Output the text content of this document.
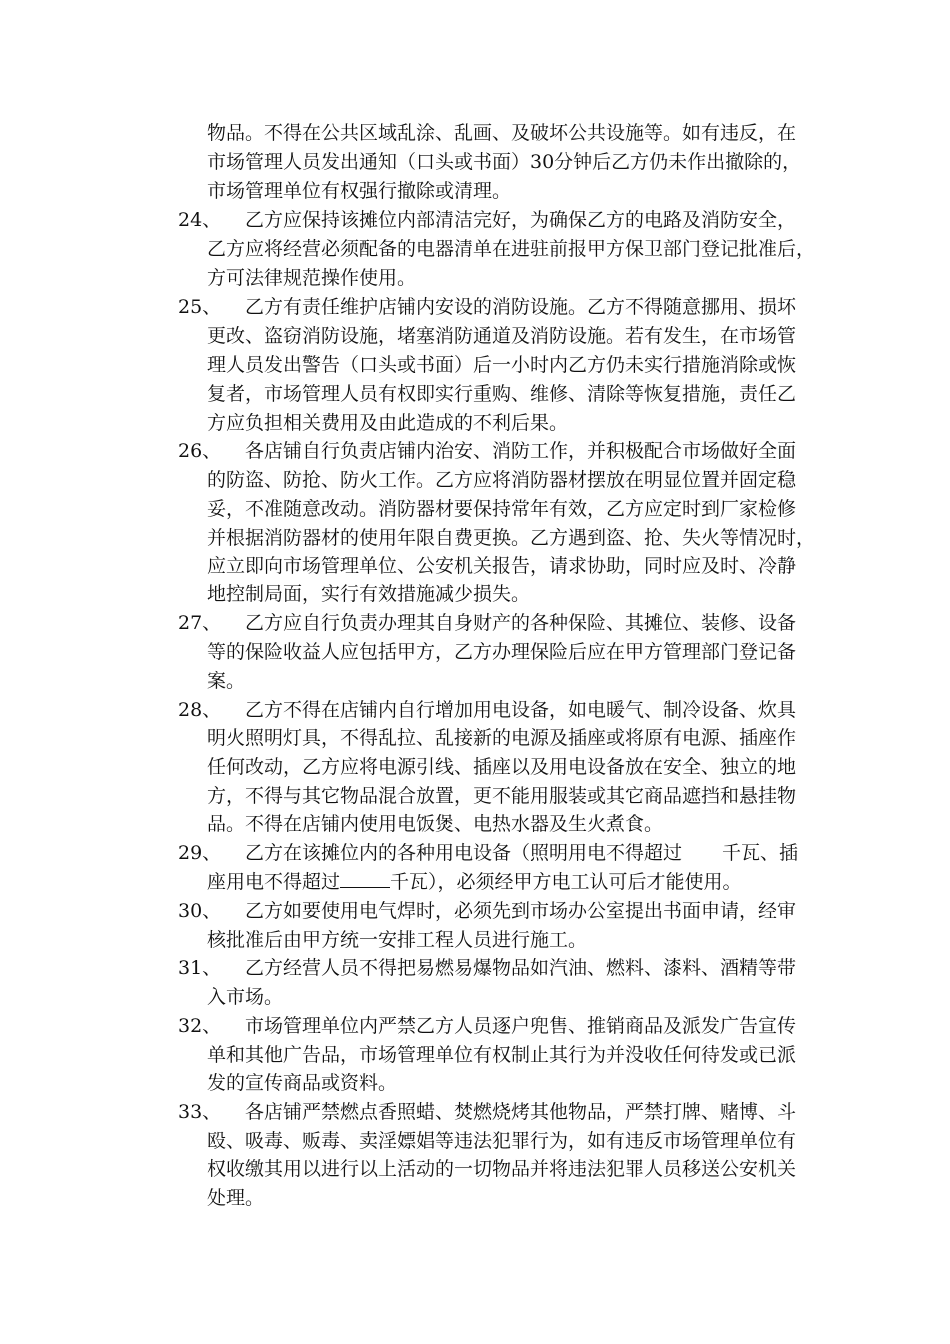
物品。不得在公共区域乱涂、乱画、及破坏公共设施等。如有违反，在
市场管理人员发出通知（口头或书面）30分钟后乙方仍未作出撤除的，
市场管理单位有权强行撤除或清理。
24、 乙方应保持该摊位内部清洁完好，为确保乙方的电路及消防安全，
乙方应将经营必须配备的电器清单在进驻前报甲方保卫部门登记批准后，
方可法律规范操作使用。
25、 乙方有责任维护店铺内安设的消防设施。乙方不得随意挪用、损坏
更改、盗窃消防设施，堵塞消防通道及消防设施。若有发生，在市场管
理人员发出警告（口头或书面）后一小时内乙方仍未实行措施消除或恢
复者，市场管理人员有权即实行重购、维修、清除等恢复措施，责任乙
方应负担相关费用及由此造成的不利后果。
26、 各店铺自行负责店铺内治安、消防工作，并积极配合市场做好全面
的防盗、防抢、防火工作。乙方应将消防器材摆放在明显位置并固定稳
妥，不准随意改动。消防器材要保持常年有效，乙方应定时到厂家检修
并根据消防器材的使用年限自费更换。乙方遇到盗、抢、失火等情况时，
应立即向市场管理单位、公安机关报告，请求协助，同时应及时、冷静
地控制局面，实行有效措施减少损失。
27、 乙方应自行负责办理其自身财产的各种保险、其摊位、装修、设备
等的保险收益人应包括甲方，乙方办理保险后应在甲方管理部门登记备
案。
28、 乙方不得在店铺内自行增加用电设备，如电暖气、制冷设备、炊具
明火照明灯具，不得乱拉、乱接新的电源及插座或将原有电源、插座作
任何改动，乙方应将电源引线、插座以及用电设备放在安全、独立的地
方，不得与其它物品混合放置，更不能用服装或其它商品遮挡和悬挂物
品。不得在店铺内使用电饭煲、电热水器及生火煮食。
29、 乙方在该摊位内的各种用电设备（照明用电不得超过 千瓦、插
座用电不得超过	千瓦），必须经甲方电工认可后才能使用。
30、 乙方如要使用电气焊时，必须先到市场办公室提出书面申请，经审
核批准后由甲方统一安排工程人员进行施工。
31、 乙方经营人员不得把易燃易爆物品如汽油、燃料、漆料、酒精等带
入市场。
32、 市场管理单位内严禁乙方人员逐户兜售、推销商品及派发广告宣传
单和其他广告品，市场管理单位有权制止其行为并没收任何待发或已派
发的宣传商品或资料。
33、 各店铺严禁燃点香照蜡、焚燃烧烤其他物品，严禁打牌、赌博、斗
殴、吸毒、贩毒、卖淫嫖娼等违法犯罪行为，如有违反市场管理单位有
权收缴其用以进行以上活动的一切物品并将违法犯罪人员移送公安机关
处理。
